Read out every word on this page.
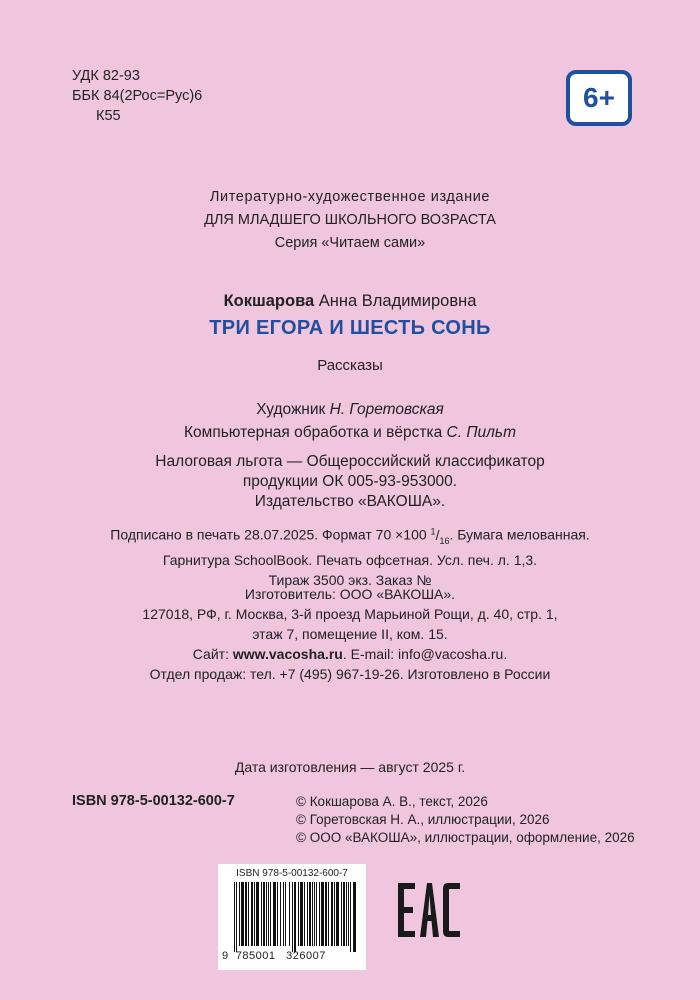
УДК 82-93
ББК 84(2Рос=Рус)6
К55
6+
Литературно-художественное издание
ДЛЯ МЛАДШЕГО ШКОЛЬНОГО ВОЗРАСТА
Серия «Читаем сами»
Кокшарова Анна Владимировна
ТРИ ЕГОРА И ШЕСТЬ СОНЬ
Рассказы
Художник Н. Горетовская
Компьютерная обработка и вёрстка С. Пильт
Налоговая льгота — Общероссийский классификатор
продукции ОК 005-93-953000.
Издательство «ВАКОША».
Подписано в печать 28.07.2025. Формат 70 ×100 $^1/_{16}$. Бумага мелованная.
Гарнитура SchoolBook. Печать офсетная. Усл. печ. л. 1,3.
Тираж 3500 экз. Заказ №
Изготовитель: ООО «ВАКОША».
127018, РФ, г. Москва, 3-й проезд Марьиной Рощи, д. 40, стр. 1,
этаж 7, помещение II, ком. 15.
Сайт: www.vacosha.ru. E-mail: info@vacosha.ru.
Отдел продаж: тел. +7 (495) 967-19-26. Изготовлено в России
Дата изготовления — август 2025 г.
ISBN 978-5-00132-600-7	© Кокшарова А. В., текст, 2026
© Горетовская Н. А., иллюстрации, 2026
© ООО «ВАКОША», иллюстрации, оформление, 2026
ISBN 978-5-00132-600-7
9 785001 326007
